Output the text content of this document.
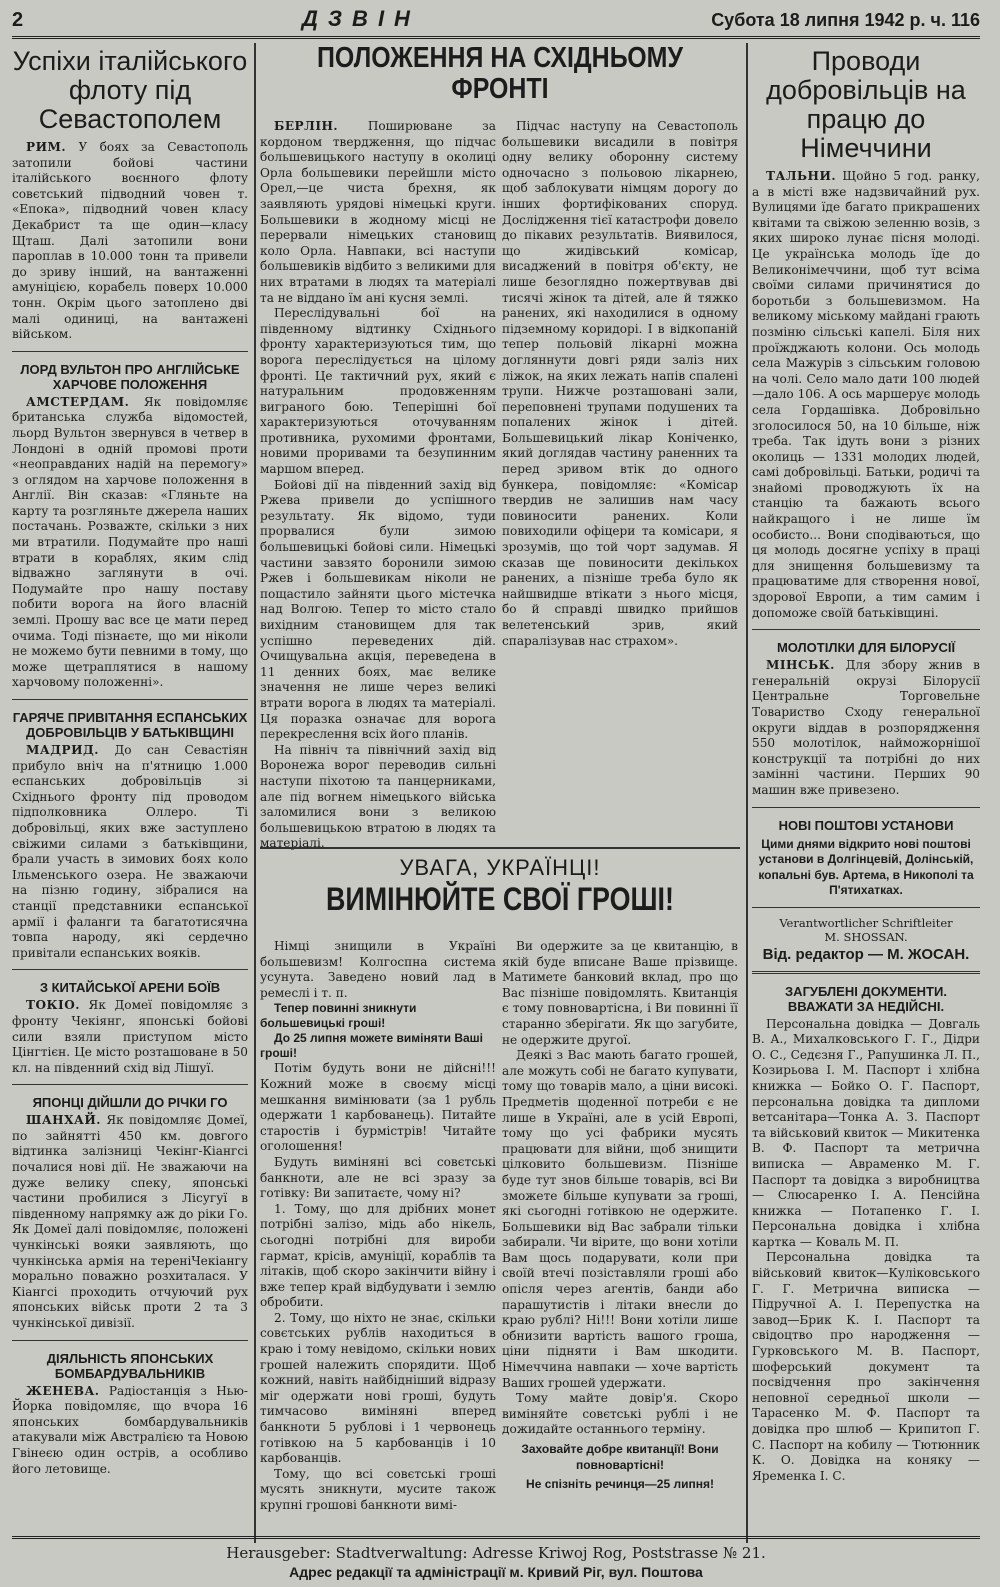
2	ДЗВІН	Субота 18 липня 1942 р. ч. 116
Успіхи італійського флоту під Севастополем

РИМ. У боях за Севастополь затопили бойові частини італійського воєнного флоту совєтський підводний човен т. «Епока», підводний човен класу Декабрист та ще один—класу Щташ. Далі затопили вони пароплав в 10.000 тонн та привели до зриву інший, на вантаженні амуніцією, корабель поверх 10.000 тонн. Окрім цього затоплено дві малі одиниці, на вантажені військом.

ЛОРД ВУЛЬТОН ПРО АНГЛІЙСЬКЕ ХАРЧОВЕ ПОЛОЖЕННЯ

АМСТЕРДАМ. Як повідомляє британська служба відомостей, льорд Вультон звернувся в четвер в Лондоні в одній промові проти «неоправданих надій на перемогу» з оглядом на харчове положення в Англії. Він сказав: «Гляньте на карту та розгляньте джерела наших постачань. Розважте, скільки з них ми втратили. Подумайте про наші втрати в кораблях, яким слід відважно заглянути в очі. Подумайте про нашу поставу побити ворога на його власній землі. Прошу вас все це мати перед очима. Тоді пізнаєте, що ми ніколи не можемо бути певними в тому, що може щетраплятися в нашому харчовому положенні».

ГАРЯЧЕ ПРИВІТАННЯ ЕСПАНСЬКИХ ДОБРОВІЛЬЦІВ У БАТЬКІВЩИНІ

МАДРИД. До сан Севастіян прибуло вніч на п'ятницю 1.000 еспанських добровільців зі Східнього фронту під проводом підполковника Оллеро. Ті добровільці, яких вже заступлено свіжими силами з батьківщини, брали участь в зимових боях коло Ільменського озера. Не зважаючи на пізню годину, зібралися на станції представники еспанської армії і фаланги та багатотисячна товпа народу, які сердечно привітали еспанських вояків.

З КИТАЙСЬКОЇ АРЕНИ БОЇВ

ТОКІО. Як Домеї повідомляє з фронту Чекіянг, японські бойові сили взяли приступом місто Цінгтієн. Це місто розташоване в 50 кл. на південний схід від Лішуї.

ЯПОНЦІ ДІЙШЛИ ДО РІЧКИ ГО

ШАНХАЙ. Як повідомляє Домеї, по зайнятті 450 км. довгого відтинка залізниці Чекінг-Кіангсі почалися нові дії. Не зважаючи на дуже велику спеку, японські частини пробилися з Лісугуї в південному напрямку аж до ріки Го. Як Домеї далі повідомляє, положені чункінські вояки заявляють, що чункінська армія на тереніЧекіангу морально поважно розхиталася. У Кіангсі проходить отчуючий рух японських військ проти 2 та 3 чункінської дивізії.

ДІЯЛЬНІСТЬ ЯПОНСЬКИХ БОМБАРДУВАЛЬНИКІВ

ЖЕНЕВА. Радіостанція з Нью-Йорка повідомляє, що вчора 16 японських бомбардувальників атакували між Австралією та Новою Гвінеєю один острів, а особливо його летовище.

ПОЛОЖЕННЯ НА СХІДНЬОМУ ФРОНТІ

БЕРЛІН. Поширюване за кордоном твердження, що підчас большевицького наступу в околиці Орла большевики перейшли місто Орел,—це чиста брехня, як заявляють урядові німецькі круги. Большевики в жодному місці не перервали німецьких становищ коло Орла. Навпаки, всі наступи большевиків відбито з великими для них втратами в людях та матеріалі та не віддано їм ані кусня землі.

Переслідувальні бої на південному відтинку Східнього фронту характеризуються тим, що ворога переслідується на цілому фронті. Це тактичний рух, який є натуральним продовженням виграного бою. Теперішні бої характеризуються оточуванням противника, рухомими фронтами, новими проривами та безупинним маршом вперед.

Бойові дії на південний захід від Ржева привели до успішного результату. Як відомо, туди прорвалися були зимою большевицькі бойові сили. Німецькі частини завзято боронили зимою Ржев і большевикам ніколи не пощастило зайняти цього містечка над Волгою. Тепер то місто стало вихідним становищем для так успішно переведених дій. Очищувальна акція, переведена в 11 денних боях, має велике значення не лише через великі втрати ворога в людях та матеріалі. Ця поразка означає для ворога перекреслення всіх його планів.

На північ та північний захід від Воронежа ворог переводив сильні наступи піхотою та панцерниками, але під вогнем німецького війська заломилися вони з великою большевицькою втратою в людях та матеріалі.

Підчас наступу на Севастополь большевики висадили в повітря одну велику оборонну систему одночасно з польовою лікарнею, щоб заблокувати німцям дорогу до інших фортифікованих споруд. Дослідження тієї катастрофи довело до пікавих результатів. Виявилося, що жидівський комісар, висаджений в повітря об'єкту, не лише безоглядно пожертвував дві тисячі жінок та дітей, але й тяжко ранених, які находилися в одному підземному коридорі. І в відкопаній тепер польовій лікарні можна догляннути довгі ряди заліз них ліжок, на яких лежать напів спалені трупи. Нижче розташовані зали, переповнені трупами подушених та попалених жінок і дітей. Большевицький лікар Коніченко, який доглядав частину раненних та перед зривом втік до одного бункера, повідомляє: «Комісар твердив не залишив нам часу повиносити ранених. Коли повиходили офіцери та комісари, я зрозумів, що той чорт задумав. Я сказав ще повиносити декількох ранених, а пізніше треба було як найшвидше втікати з нього місця, бо й справді швидко прийшов велетенський зрив, який спаралізував нас страхом».

УВАГА, УКРАЇНЦІ!
ВИМІНЮЙТЕ СВОЇ ГРОШІ!

Німці знищили в Україні большевизм! Колгоспна система усунута. Заведено новий лад в ремеслі і т. п.

Тепер повинні зникнути большевицькі гроші!

До 25 липня можете виміняти Ваші гроші!

Потім будуть вони не дійсні!!! Кожний може в своєму місці мешкання вимінювати (за 1 рубль одержати 1 карбованець). Питайте старостів і бурмістрів! Читайте оголошення!

Будуть виміняні всі совєтські банкноти, але не всі зразу за готівку: Ви запитаєте, чому ні?

1. Тому, що для дрібних монет потрібні залізо, мідь або нікель, сьогодні потрібні для вироби гармат, крісів, амуніції, кораблів та літаків, щоб скоро закінчити війну і вже тепер край відбудувати і землю обробити.

2. Тому, що ніхто не знає, скільки совєтських рублів находиться в краю і тому невідомо, скільки нових грошей належить спорядити. Щоб кожний, навіть найбідніший відразу міг одержати нові гроші, будуть тимчасово виміняні вперед банкноти 5 рублові і 1 червонець готівкою на 5 карбованців і 10 карбованців.

Тому, що всі совєтські гроші мусять зникнути, мусите також крупні грошові банкноти вимі-

Ви одержите за це квитанцію, в якій буде вписане Ваше прізвище. Матимете банковий вклад, про що Вас пізніше повідомлять. Квитанція є тому повновартісна, і Ви повинні її старанно зберігати. Як що загубите, не одержите другої.

Деякі з Вас мають багато грошей, але можуть собі не багато купувати, тому що товарів мало, а ціни високі. Предметів щоденної потреби є не лише в Україні, але в усій Европі, тому що усі фабрики мусять працювати для війни, щоб знищити цілковито большевизм. Пізніше буде тут знов більше товарів, всі Ви зможете більше купувати за гроші, які сьогодні готівкою не одержите. Большевики від Вас забрали тільки забирали. Чи вірите, що вони хотіли Вам щось подарувати, коли при своїй втечі позіставляли гроші або опісля через агентів, банди або парашутистів і літаки внесли до краю рублі? Ні!!! Вони хотіли лише обнизити вартість вашого гроша, ціни підняти і Вам шкодити. Німеччина навпаки — хоче вартість Ваших грошей удержати.

Тому майте довір'я. Скоро виміняйте совєтські рублі і не дожидайте останнього терміну.

Заховайте добре квитанції! Вони повновартісні!

Не спізніть речинця—25 липня!

Проводи добровільців на працю до Німеччини

ТАЛЬНИ. Щойно 5 год. ранку, а в місті вже надзвичайний рух. Вулицями їде багато прикрашених квітами та свіжою зеленню возів, з яких широко лунає пісня молоді. Це українська молодь їде до Великонімеччини, щоб тут всіма своїми силами причинятися до боротьби з большевизмом. На великому міському майдані грають позміню сільські капелі. Біля них проїжджають колони. Ось молодь села Мажурів з сільським головою на чолі. Село мало дати 100 людей—дало 106. А ось маршерує молодь села Гордашівка. Добровільно зголосилося 50, на 10 більше, ніж треба. Так ідуть вони з різних околиць — 1331 молодих людей, самі добровільці. Батьки, родичі та знайомі проводжують їх на станцію та бажають всього найкращого і не лише їм особисто... Вони сподіваються, що ця молодь досягне успіху в праці для знищення большевизму та працюватиме для створення нової, здорової Европи, а тим самим і допоможе своїй батьківщині.

МОЛОТІЛКИ ДЛЯ БІЛОРУСІЇ

МІНСЬК. Для збору жнив в генеральній окрузі Білорусії Центральне Торговельне Товариство Сходу генеральної округи віддав в розпорядження 550 молотілок, найможорнішої конструкції та потрібні до них замінні частини. Перших 90 машин вже привезено.

НОВІ ПОШТОВІ УСТАНОВИ

Цими днями відкрито нові поштові установи в Долгінцевій, Долінській, копальні був. Артема, в Никополі та П'ятихатках.

Verantwortlicher Schriftleiter
M. SHOSSAN.
Від. редактор — М. ЖОСАН.
ЗАГУБЛЕНІ ДОКУМЕНТИ. ВВАЖАТИ ЗА НЕДІЙСНІ.

Персональна довідка — Довгаль В. А., Михалковського Г. Г., Дідри О. С., Седєзня Г., Рапушинка Л. П., Козирьова І. М. Паспорт і хлібна книжка — Бойко О. Г. Паспорт, персональна довідка та дипломи ветсанітара—Тонка А. З. Паспорт та військовий квиток — Микитенка В. Ф. Паспорт та метрична виписка — Авраменко М. Г. Паспорт та довідка з виробництва — Слюсаренко І. А. Пенсійна книжка — Потапенко Г. І. Персональна довідка і хлібна картка — Коваль М. П.

Персональна довідка та військовий квиток—Куліковського Г. Г. Метрична виписка — Підручної А. І. Перепустка на завод—Брик К. І. Паспорт та свідоцтво про народження — Гурковського М. В. Паспорт, шоферський документ та посвідчення про закінчення неповної середньої школи — Тарасенко М. Ф. Паспорт та довідка про шлюб — Крипитоп Г. С. Паспорт на кобилу — Тютюнник К. О. Довідка на коняку — Яременка І. С.

Herausgeber: Stadtverwaltung: Adresse Kriwoj Rog, Poststrasse № 21.
Адрес редакції та адміністрації м. Кривий Ріг, вул. Поштова
